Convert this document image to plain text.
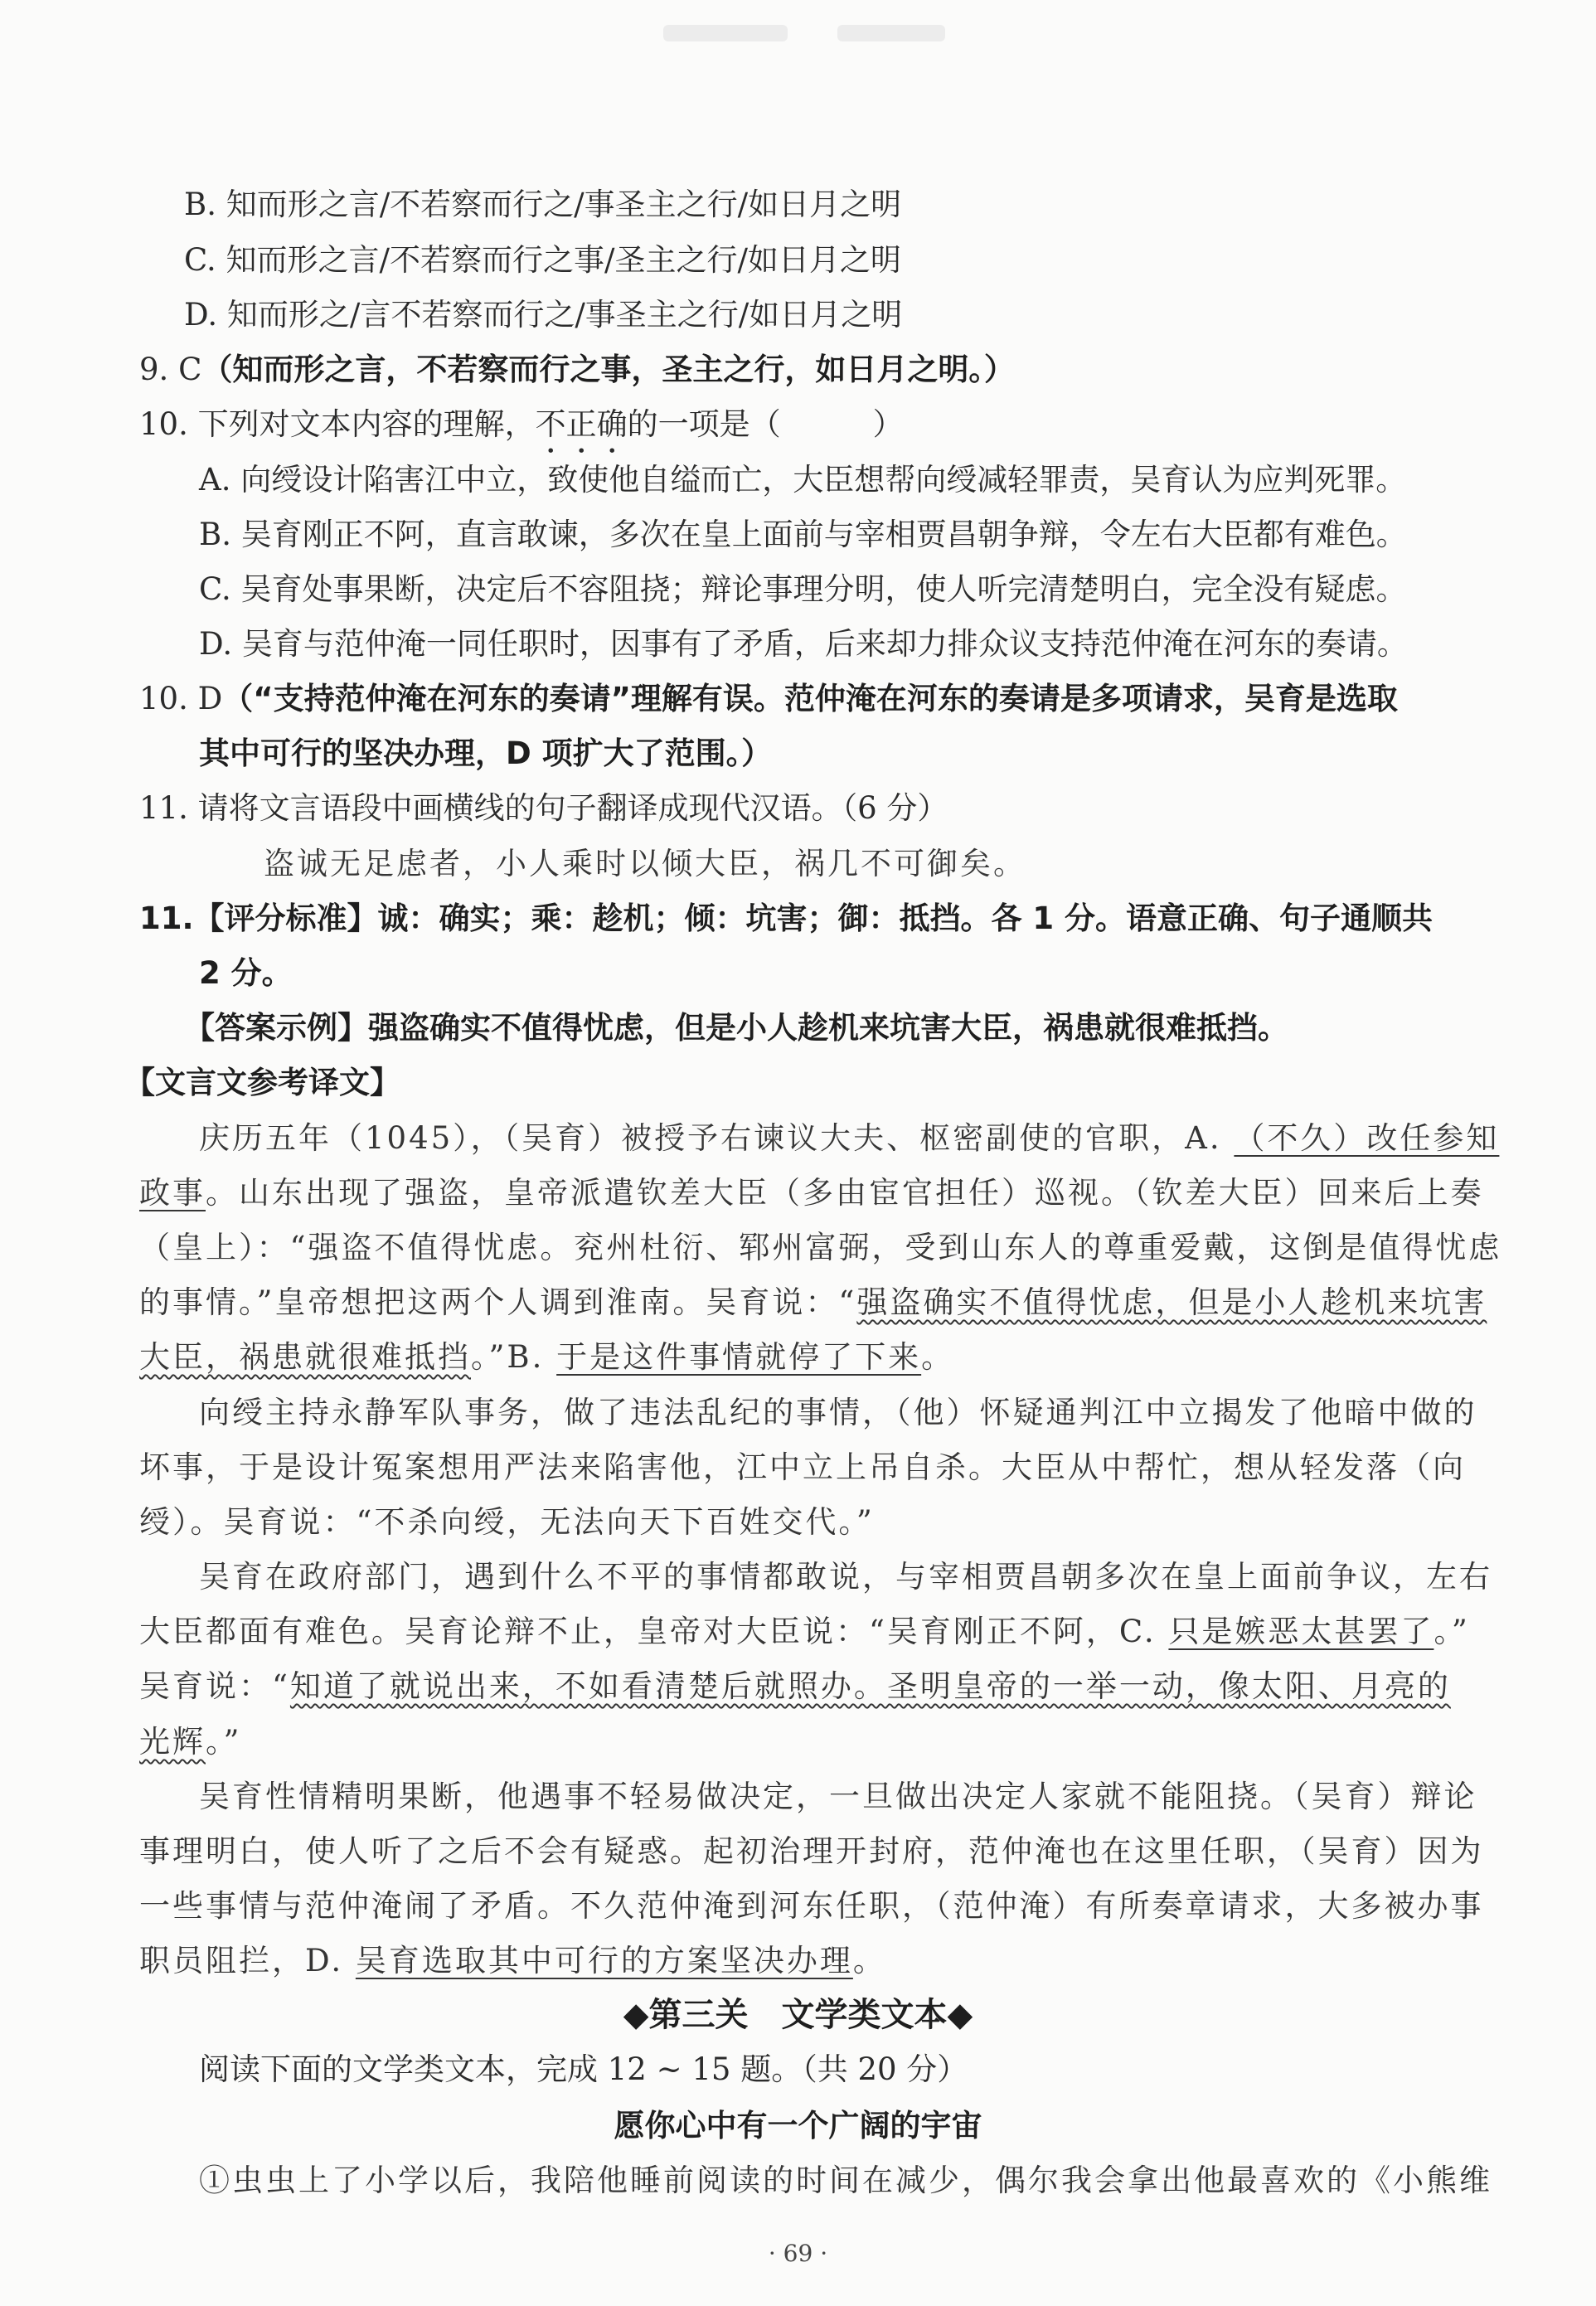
B. 知而形之言/不若察而行之/事圣主之行/如日月之明
C. 知而形之言/不若察而行之事/圣主之行/如日月之明
D. 知而形之/言不若察而行之/事圣主之行/如日月之明
9. C（知而形之言，不若察而行之事，圣主之行，如日月之明。）
10. 下列对文本内容的理解，不正确的一项是（　　　）
A. 向绶设计陷害江中立，致使他自缢而亡，大臣想帮向绶减轻罪责，吴育认为应判死罪。
B. 吴育刚正不阿，直言敢谏，多次在皇上面前与宰相贾昌朝争辩，令左右大臣都有难色。
C. 吴育处事果断，决定后不容阻挠；辩论事理分明，使人听完清楚明白，完全没有疑虑。
D. 吴育与范仲淹一同任职时，因事有了矛盾，后来却力排众议支持范仲淹在河东的奏请。
10. D（“支持范仲淹在河东的奏请”理解有误。范仲淹在河东的奏请是多项请求，吴育是选取
其中可行的坚决办理，D 项扩大了范围。）
11. 请将文言语段中画横线的句子翻译成现代汉语。（6 分）
盗诚无足虑者，小人乘时以倾大臣，祸几不可御矣。
11.【评分标准】诚：确实；乘：趁机；倾：坑害；御：抵挡。各 1 分。语意正确、句子通顺共
2 分。
【答案示例】强盗确实不值得忧虑，但是小人趁机来坑害大臣，祸患就很难抵挡。
【文言文参考译文】
庆历五年（1045），（吴育）被授予右谏议大夫、枢密副使的官职，A. （不久）改任参知
政事。山东出现了强盗，皇帝派遣钦差大臣（多由宦官担任）巡视。（钦差大臣）回来后上奏
（皇上）：“强盗不值得忧虑。兖州杜衍、郓州富弼，受到山东人的尊重爱戴，这倒是值得忧虑
的事情。”皇帝想把这两个人调到淮南。吴育说：“强盗确实不值得忧虑，但是小人趁机来坑害
大臣，祸患就很难抵挡。”B. 于是这件事情就停了下来。
向绶主持永静军队事务，做了违法乱纪的事情，（他）怀疑通判江中立揭发了他暗中做的
坏事，于是设计冤案想用严法来陷害他，江中立上吊自杀。大臣从中帮忙，想从轻发落（向
绶）。吴育说：“不杀向绶，无法向天下百姓交代。”
吴育在政府部门，遇到什么不平的事情都敢说，与宰相贾昌朝多次在皇上面前争议，左右
大臣都面有难色。吴育论辩不止，皇帝对大臣说：“吴育刚正不阿，C. 只是嫉恶太甚罢了。”
吴育说：“知道了就说出来，不如看清楚后就照办。圣明皇帝的一举一动，像太阳、月亮的
光辉。”
吴育性情精明果断，他遇事不轻易做决定，一旦做出决定人家就不能阻挠。（吴育）辩论
事理明白，使人听了之后不会有疑惑。起初治理开封府，范仲淹也在这里任职，（吴育）因为
一些事情与范仲淹闹了矛盾。不久范仲淹到河东任职，（范仲淹）有所奏章请求，大多被办事
职员阻拦，D. 吴育选取其中可行的方案坚决办理。
◆第三关　文学类文本◆
阅读下面的文学类文本，完成 12 ~ 15 题。（共 20 分）
愿你心中有一个广阔的宇宙
①虫虫上了小学以后，我陪他睡前阅读的时间在减少，偶尔我会拿出他最喜欢的《小熊维
· 69 ·
